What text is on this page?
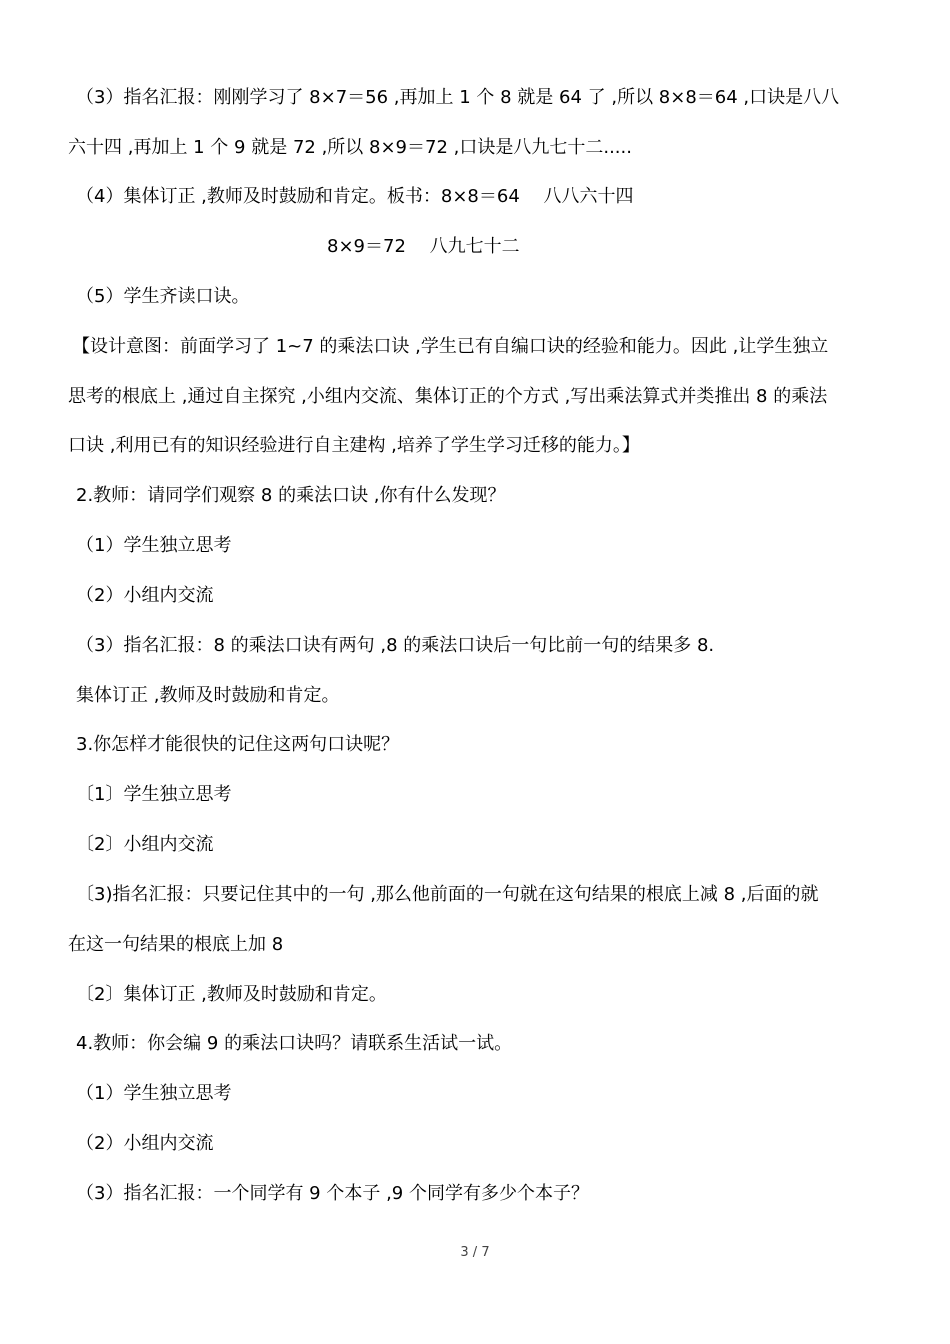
（3）指名汇报：刚刚学习了 8×7＝56 ,再加上 1 个 8 就是 64 了 ,所以 8×8＝64 ,口诀是八八
六十四 ,再加上 1 个 9 就是 72 ,所以 8×9＝72 ,口诀是八九七十二.....
（4）集体订正 ,教师及时鼓励和肯定。板书：8×8＝64　 八八六十四
8×9＝72　 八九七十二
（5）学生齐读口诀。
【设计意图：前面学习了 1~7 的乘法口诀 ,学生已有自编口诀的经验和能力。因此 ,让学生独立
思考的根底上 ,通过自主探究 ,小组内交流、集体订正的个方式 ,写出乘法算式并类推出 8 的乘法
口诀 ,利用已有的知识经验进行自主建构 ,培养了学生学习迁移的能力。】
2.教师：请同学们观察 8 的乘法口诀 ,你有什么发现？
（1）学生独立思考
（2）小组内交流
（3）指名汇报：8 的乘法口诀有两句 ,8 的乘法口诀后一句比前一句的结果多 8.
集体订正 ,教师及时鼓励和肯定。
3.你怎样才能很快的记住这两句口诀呢？
〔1〕学生独立思考
〔2〕小组内交流
〔3)指名汇报：只要记住其中的一句 ,那么他前面的一句就在这句结果的根底上减 8 ,后面的就
在这一句结果的根底上加 8
〔2〕集体订正 ,教师及时鼓励和肯定。
4.教师：你会编 9 的乘法口诀吗？请联系生活试一试。
（1）学生独立思考
（2）小组内交流
（3）指名汇报：一个同学有 9 个本子 ,9 个同学有多少个本子？
3 / 7
